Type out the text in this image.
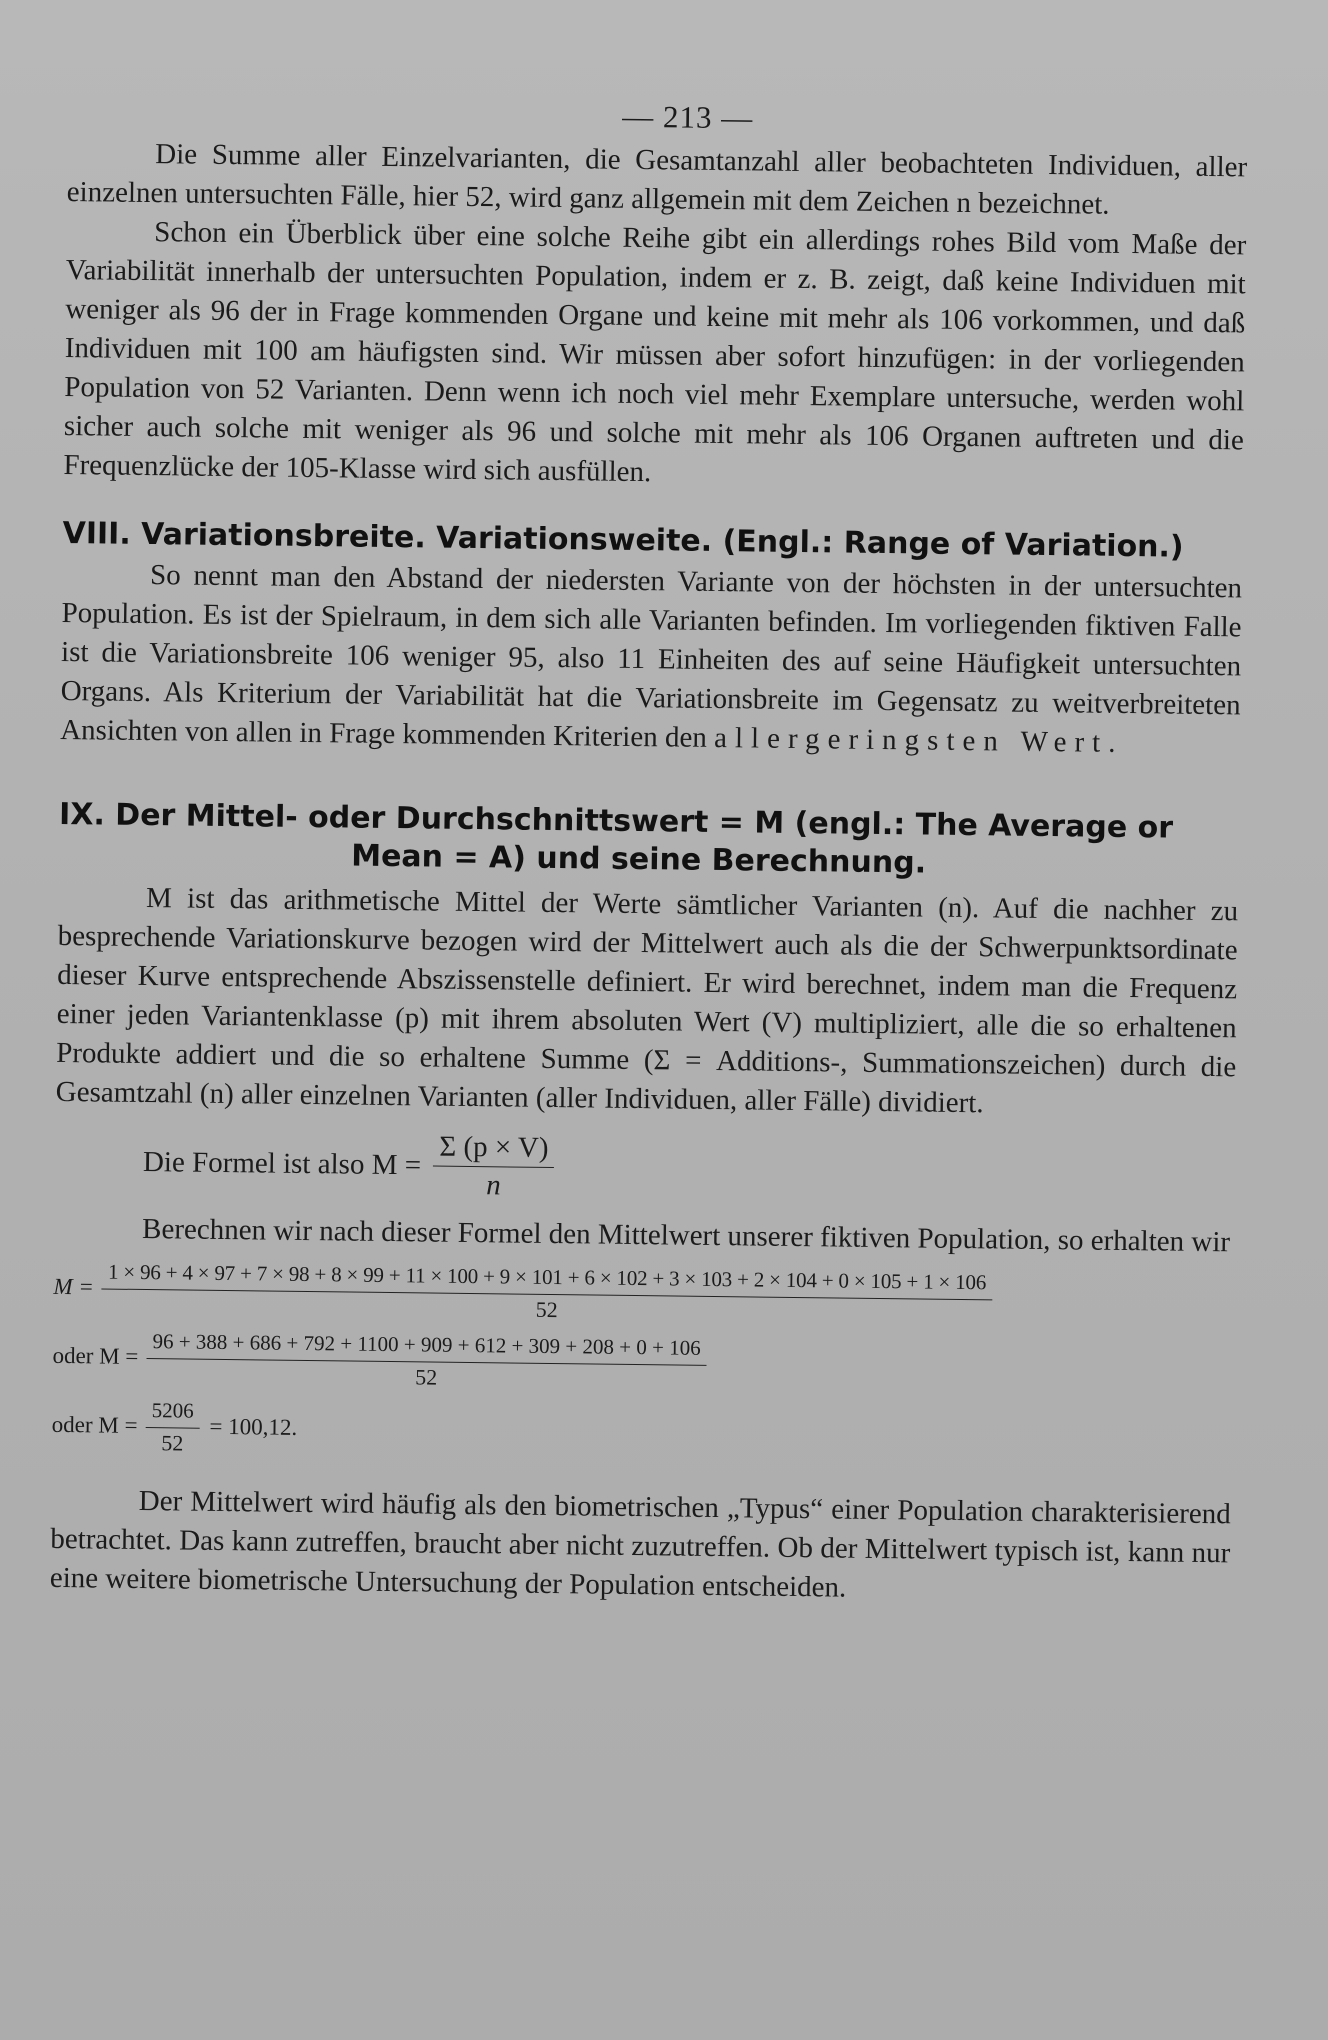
— 213 —

Die Summe aller Einzelvarianten, die Gesamtanzahl aller beobachteten Individuen, aller einzelnen untersuchten Fälle, hier 52, wird ganz allgemein mit dem Zeichen n bezeichnet.

Schon ein Überblick über eine solche Reihe gibt ein allerdings rohes Bild vom Maße der Variabilität innerhalb der untersuchten Population, indem er z. B. zeigt, daß keine Individuen mit weniger als 96 der in Frage kommenden Organe und keine mit mehr als 106 vorkommen, und daß Individuen mit 100 am häufigsten sind. Wir müssen aber sofort hinzufügen: in der vorliegenden Population von 52 Varianten. Denn wenn ich noch viel mehr Exemplare untersuche, werden wohl sicher auch solche mit weniger als 96 und solche mit mehr als 106 Organen auftreten und die Frequenzlücke der 105-Klasse wird sich ausfüllen.

VIII. Variationsbreite. Variationsweite. (Engl.: Range of Variation.)

So nennt man den Abstand der niedersten Variante von der höchsten in der untersuchten Population. Es ist der Spielraum, in dem sich alle Varianten befinden. Im vorliegenden fiktiven Falle ist die Variationsbreite 106 weniger 95, also 11 Einheiten des auf seine Häufigkeit untersuchten Organs. Als Kriterium der Variabilität hat die Variationsbreite im Gegensatz zu weitverbreiteten Ansichten von allen in Frage kommenden Kriterien den allergeringsten Wert.

IX. Der Mittel- oder Durchschnittswert = M (engl.: The Average or
Mean = A) und seine Berechnung.

M ist das arithmetische Mittel der Werte sämtlicher Varianten (n). Auf die nachher zu besprechende Variationskurve bezogen wird der Mittelwert auch als die der Schwerpunktsordinate dieser Kurve entsprechende Abszissenstelle definiert. Er wird berechnet, indem man die Frequenz einer jeden Variantenklasse (p) mit ihrem absoluten Wert (V) multipliziert, alle die so erhaltenen Produkte addiert und die so erhaltene Summe (Σ = Additions-, Summationszeichen) durch die Gesamtzahl (n) aller einzelnen Varianten (aller Individuen, aller Fälle) dividiert.

Die Formel ist also $M = \frac{\Sigma (p \times V)}{n}$

Berechnen wir nach dieser Formel den Mittelwert unserer fiktiven Population, so erhalten wir

M = 1 × 96 + 4 × 97 + 7 × 98 + 8 × 99 + 11 × 100 + 9 × 101 + 6 × 102 + 3 × 103 + 2 × 104 + 0 × 105 + 1 × 106
52
oder M = 96 + 388 + 686 + 792 + 1100 + 909 + 612 + 309 + 208 + 0 + 106
52
oder $M = \frac{5206}{52} = 100,12$.

Der Mittelwert wird häufig als den biometrischen „Typus“ einer Population charakterisierend betrachtet. Das kann zutreffen, braucht aber nicht zuzutreffen. Ob der Mittelwert typisch ist, kann nur eine weitere biometrische Untersuchung der Population entscheiden.
